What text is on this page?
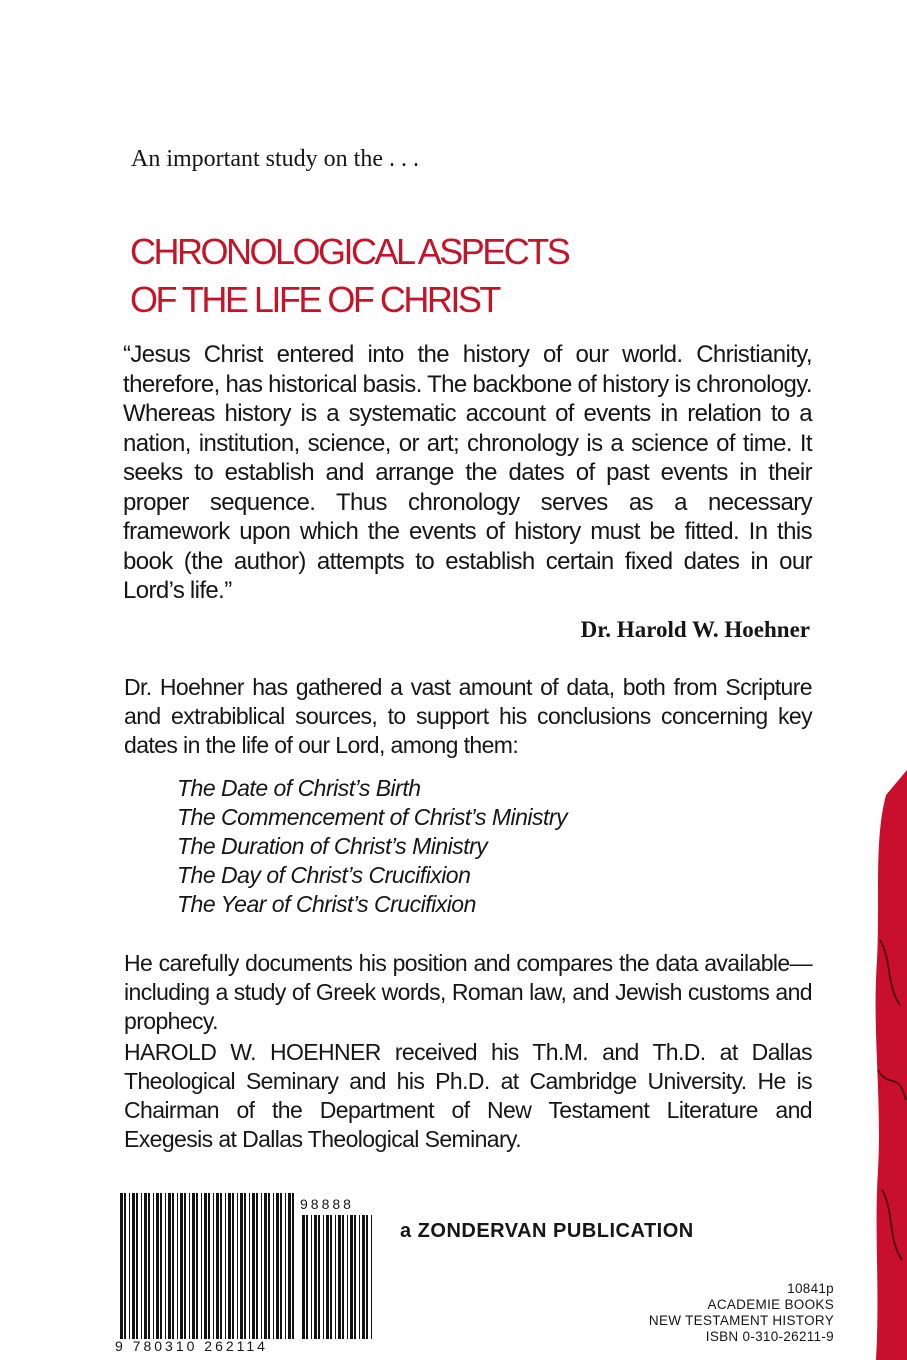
An important study on the . . .
CHRONOLOGICAL ASPECTS
OF THE LIFE OF CHRIST

“Jesus Christ entered into the history of our world. Christianity, therefore, has historical basis. The backbone of history is chronology. Whereas history is a systematic account of events in relation to a nation, institution, science, or art; chronology is a science of time. It seeks to establish and arrange the dates of past events in their proper sequence. Thus chronology serves as a necessary framework upon which the events of history must be fitted. In this book (the author) attempts to establish certain fixed dates in our Lord’s life.”

Dr. Harold W. Hoehner
Dr. Hoehner has gathered a vast amount of data, both from Scripture and extrabiblical sources, to support his conclusions concerning key dates in the life of our Lord, among them:
The Date of Christ’s Birth
The Commencement of Christ’s Ministry
The Duration of Christ’s Ministry
The Day of Christ’s Crucifixion
The Year of Christ’s Crucifixion
He carefully documents his position and compares the data available—including a study of Greek words, Roman law, and Jewish customs and prophecy.
HAROLD W. HOEHNER received his Th.M. and Th.D. at Dallas Theological Seminary and his Ph.D. at Cambridge University. He is Chairman of the Department of New Testament Literature and Exegesis at Dallas Theological Seminary.
9 780310 262114
98888
a ZONDERVAN PUBLICATION
10841p
ACADEMIE BOOKS
NEW TESTAMENT HISTORY
ISBN 0-310-26211-9
